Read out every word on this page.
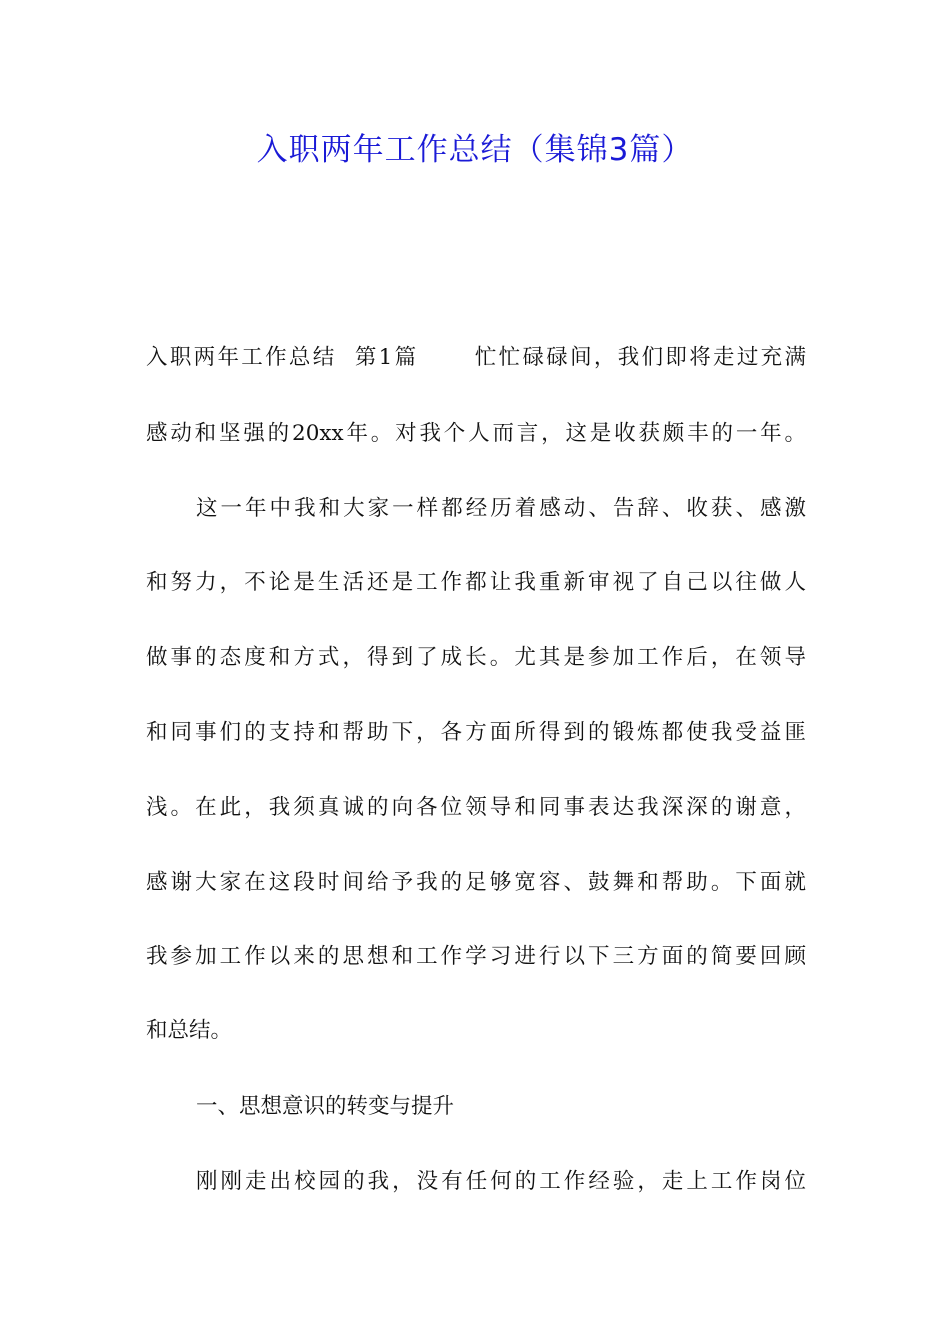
入职两年工作总结（集锦3篇）
入职两年工作总结  第1篇	忙忙碌碌间，我们即将走过充满
感动和坚强的20xx年。对我个人而言，这是收获颇丰的一年。
这一年中我和大家一样都经历着感动、告辞、收获、感激
和努力，不论是生活还是工作都让我重新审视了自己以往做人
做事的态度和方式，得到了成长。尤其是参加工作后，在领导
和同事们的支持和帮助下，各方面所得到的锻炼都使我受益匪
浅。在此，我须真诚的向各位领导和同事表达我深深的谢意，
感谢大家在这段时间给予我的足够宽容、鼓舞和帮助。下面就
我参加工作以来的思想和工作学习进行以下三方面的简要回顾
和总结。
一、思想意识的转变与提升
刚刚走出校园的我，没有任何的工作经验，走上工作岗位
